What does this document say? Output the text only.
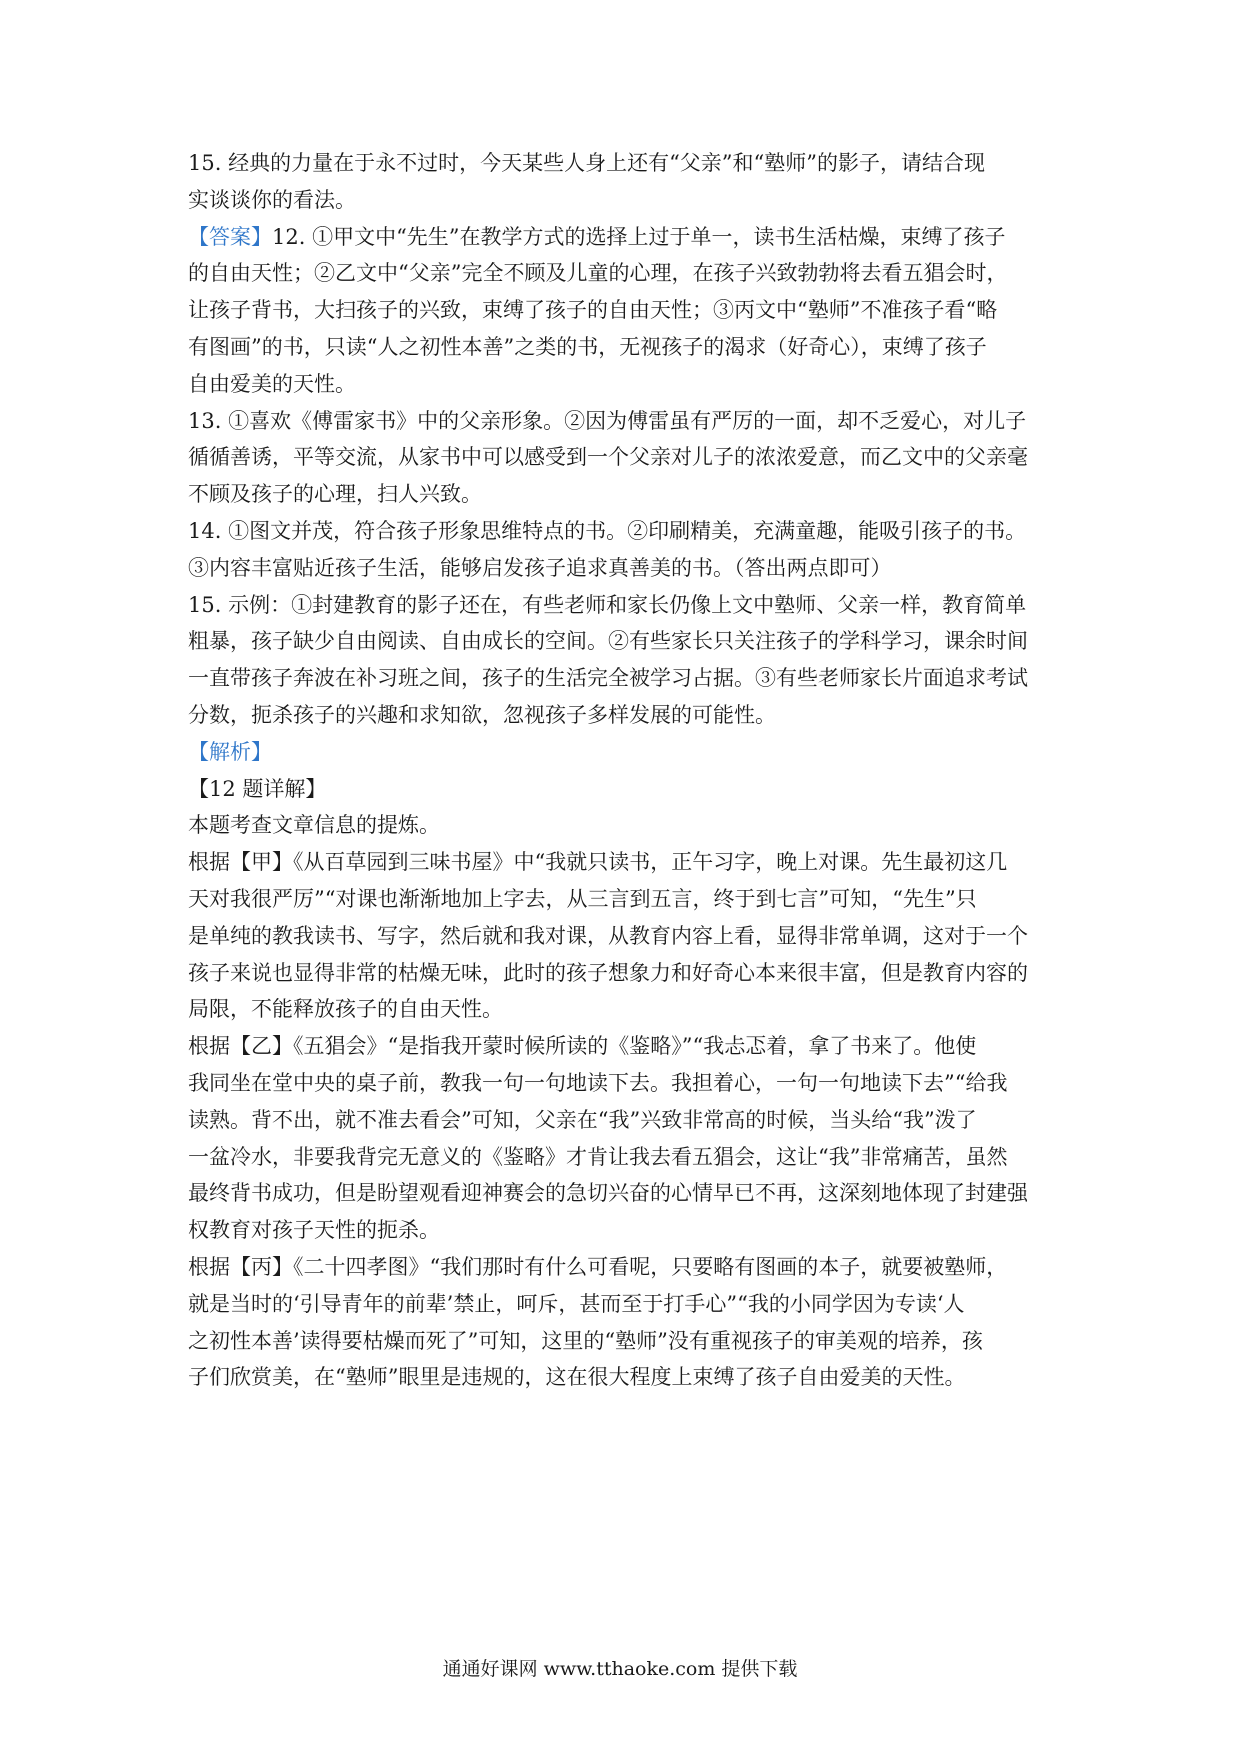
15. 经典的力量在于永不过时，今天某些人身上还有“父亲”和“塾师”的影子，请结合现
实谈谈你的看法。
【答案】12. ①甲文中“先生”在教学方式的选择上过于单一，读书生活枯燥，束缚了孩子
的自由天性；②乙文中“父亲”完全不顾及儿童的心理，在孩子兴致勃勃将去看五猖会时，
让孩子背书，大扫孩子的兴致，束缚了孩子的自由天性；③丙文中“塾师”不准孩子看“略
有图画”的书，只读“人之初性本善”之类的书，无视孩子的渴求（好奇心），束缚了孩子
自由爱美的天性。
13. ①喜欢《傅雷家书》中的父亲形象。②因为傅雷虽有严厉的一面，却不乏爱心，对儿子
循循善诱，平等交流，从家书中可以感受到一个父亲对儿子的浓浓爱意，而乙文中的父亲毫
不顾及孩子的心理，扫人兴致。
14. ①图文并茂，符合孩子形象思维特点的书。②印刷精美，充满童趣，能吸引孩子的书。
③内容丰富贴近孩子生活，能够启发孩子追求真善美的书。（答出两点即可）
15. 示例：①封建教育的影子还在，有些老师和家长仍像上文中塾师、父亲一样，教育简单
粗暴，孩子缺少自由阅读、自由成长的空间。②有些家长只关注孩子的学科学习，课余时间
一直带孩子奔波在补习班之间，孩子的生活完全被学习占据。③有些老师家长片面追求考试
分数，扼杀孩子的兴趣和求知欲，忽视孩子多样发展的可能性。
【解析】
【12 题详解】
本题考查文章信息的提炼。
根据【甲】《从百草园到三味书屋》中“我就只读书，正午习字，晚上对课。先生最初这几
天对我很严厉”“对课也渐渐地加上字去，从三言到五言，终于到七言”可知，“先生”只
是单纯的教我读书、写字，然后就和我对课，从教育内容上看，显得非常单调，这对于一个
孩子来说也显得非常的枯燥无味，此时的孩子想象力和好奇心本来很丰富，但是教育内容的
局限，不能释放孩子的自由天性。
根据【乙】《五猖会》“是指我开蒙时候所读的《鉴略》”“我忐忑着，拿了书来了。他使
我同坐在堂中央的桌子前，教我一句一句地读下去。我担着心，一句一句地读下去”“给我
读熟。背不出，就不准去看会”可知，父亲在“我”兴致非常高的时候，当头给“我”泼了
一盆冷水，非要我背完无意义的《鉴略》才肯让我去看五猖会，这让“我”非常痛苦，虽然
最终背书成功，但是盼望观看迎神赛会的急切兴奋的心情早已不再，这深刻地体现了封建强
权教育对孩子天性的扼杀。
根据【丙】《二十四孝图》“我们那时有什么可看呢，只要略有图画的本子，就要被塾师，
就是当时的‘引导青年的前辈’禁止，呵斥，甚而至于打手心”“我的小同学因为专读‘人
之初性本善’读得要枯燥而死了”可知，这里的“塾师”没有重视孩子的审美观的培养，孩
子们欣赏美，在“塾师”眼里是违规的，这在很大程度上束缚了孩子自由爱美的天性。
通通好课网 www.tthaoke.com 提供下载
